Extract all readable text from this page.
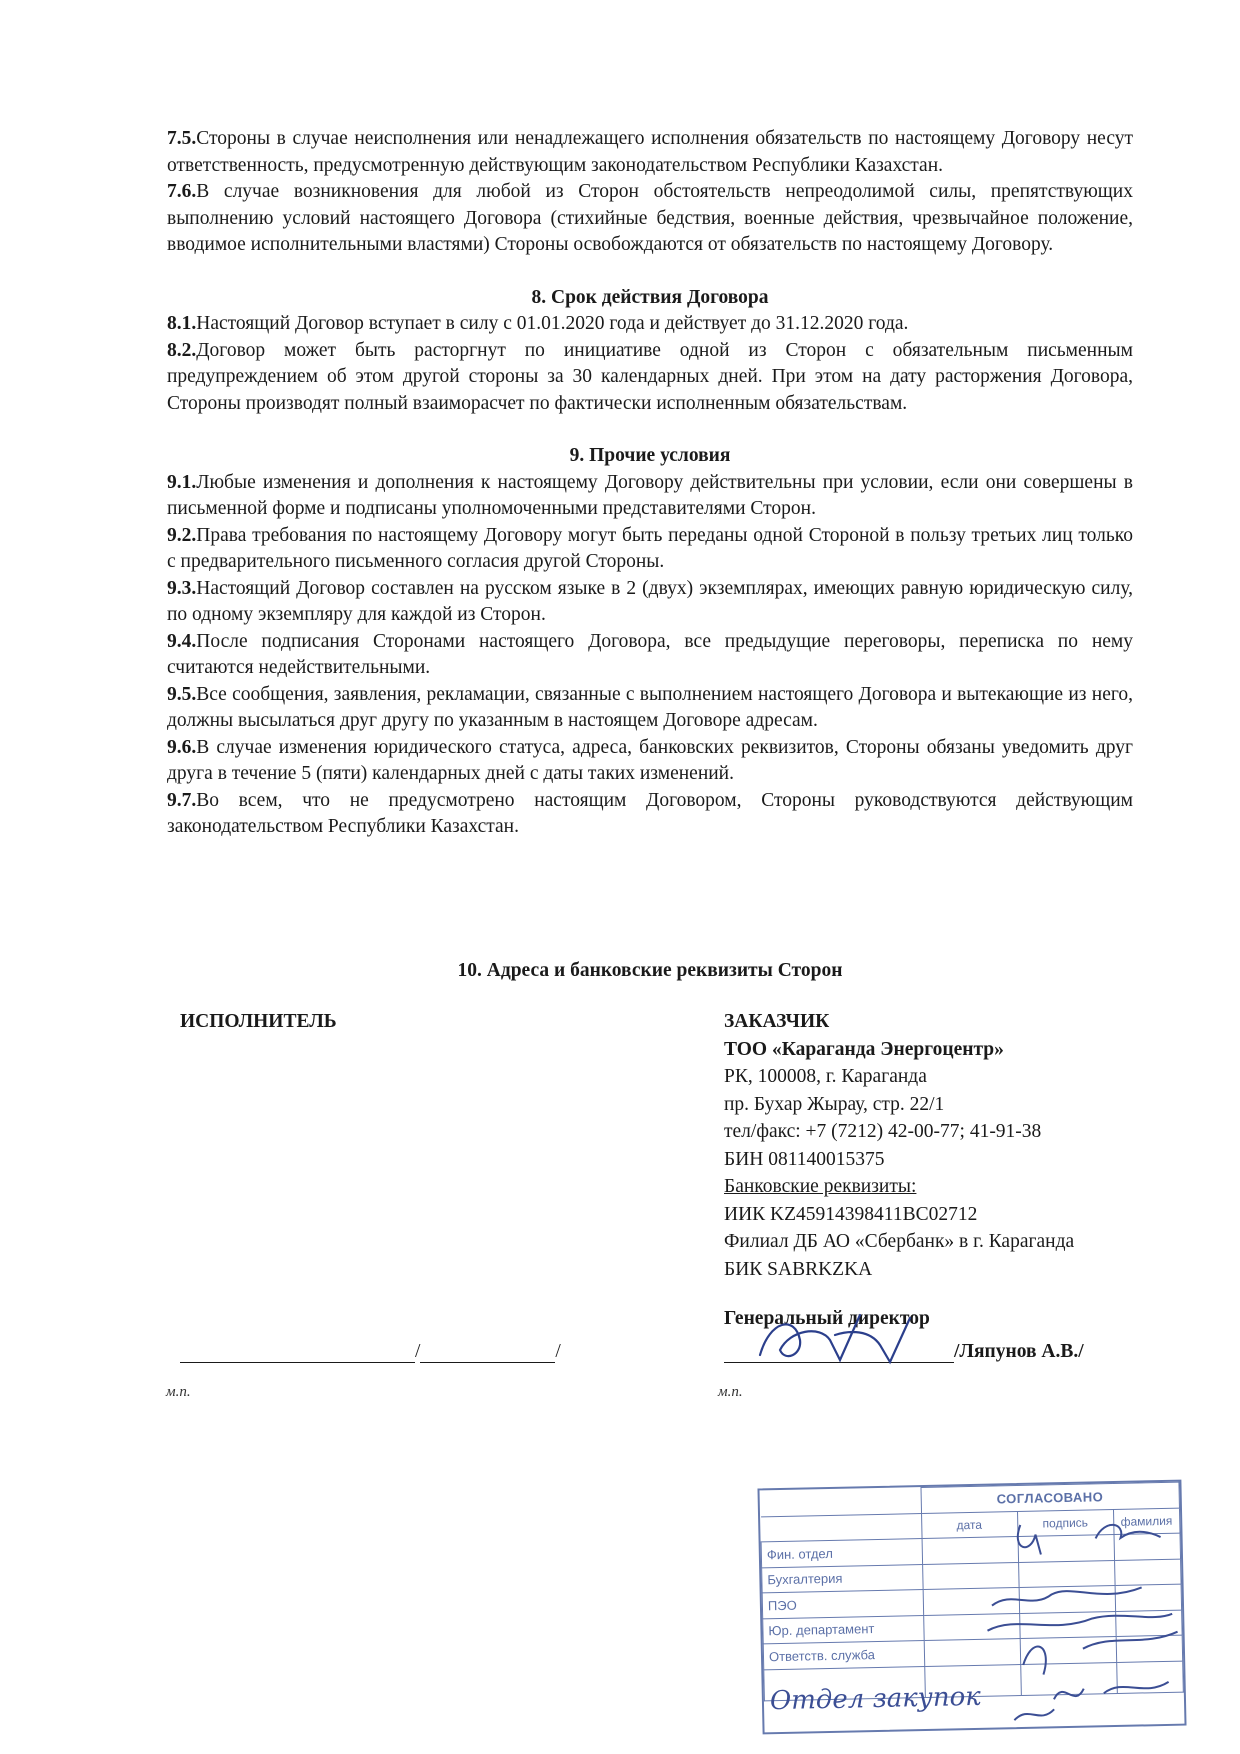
7.5.Стороны в случае неисполнения или ненадлежащего исполнения обязательств по настоящему Договору несут ответственность, предусмотренную действующим законодательством Республики Казахстан.

7.6.В случае возникновения для любой из Сторон обстоятельств непреодолимой силы, препятствующих выполнению условий настоящего Договора (стихийные бедствия, военные действия, чрезвычайное положение, вводимое исполнительными властями) Стороны освобождаются от обязательств по настоящему Договору.

8. Срок действия Договора

8.1.Настоящий Договор вступает в силу с 01.01.2020 года и действует до 31.12.2020 года.

8.2.Договор может быть расторгнут по инициативе одной из Сторон с обязательным письменным предупреждением об этом другой стороны за 30 календарных дней. При этом на дату расторжения Договора, Стороны производят полный взаиморасчет по фактически исполненным обязательствам.

9. Прочие условия

9.1.Любые изменения и дополнения к настоящему Договору действительны при условии, если они совершены в письменной форме и подписаны уполномоченными представителями Сторон.

9.2.Права требования по настоящему Договору могут быть переданы одной Стороной в пользу третьих лиц только с предварительного письменного согласия другой Стороны.

9.3.Настоящий Договор составлен на русском языке в 2 (двух) экземплярах, имеющих равную юридическую силу, по одному экземпляру для каждой из Сторон.

9.4.После подписания Сторонами настоящего Договора, все предыдущие переговоры, переписка по нему считаются недействительными.

9.5.Все сообщения, заявления, рекламации, связанные с выполнением настоящего Договора и вытекающие из него, должны высылаться друг другу по указанным в настоящем Договоре адресам.

9.6.В случае изменения юридического статуса, адреса, банковских реквизитов, Стороны обязаны уведомить друг друга в течение 5 (пяти) календарных дней с даты таких изменений.

9.7.Во всем, что не предусмотрено настоящим Договором, Стороны руководствуются действующим законодательством Республики Казахстан.

10. Адреса и банковские реквизиты Сторон
ИСПОЛНИТЕЛЬ	ЗАКАЗЧИК
ТОО «Караганда Энергоцентр»
РК, 100008, г. Караганда
пр. Бухар Жырау, стр. 22/1
тел/факс: +7 (7212) 42-00-77; 41-91-38
БИН 081140015375
Банковские реквизиты:
ИИК KZ45914398411BC02712
Филиал ДБ АО «Сбербанк» в г. Караганда
БИК SABRKZKA
Генеральный директор
/	/
м.п.
/Ляпунов А.В./
м.п.
	СОГЛАСОВАНО		
	дата	подпись	фамилия
Фин. отдел			
Бухгалтерия			
ПЭО			
Юр. департамент			
Ответств. служба			

Отдел закупок
